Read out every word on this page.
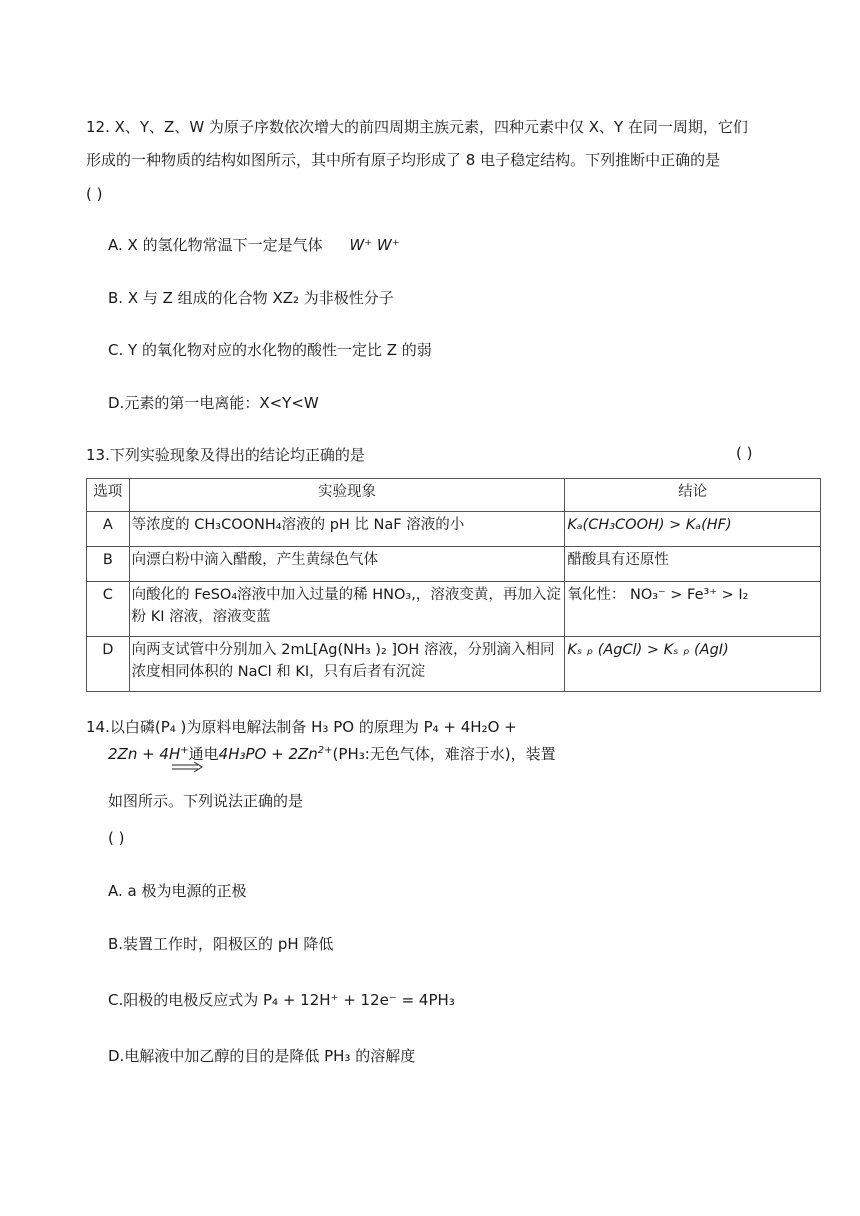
12. X、Y、Z、W 为原子序数依次增大的前四周期主族元素，四种元素中仅 X、Y 在同一周期，它们
形成的一种物质的结构如图所示，其中所有原子均形成了 8 电子稳定结构。下列推断中正确的是
( )
A. X 的氢化物常温下一定是气体 W⁺ W⁺
B. X 与 Z 组成的化合物 XZ₂ 为非极性分子
C. Y 的氧化物对应的水化物的酸性一定比 Z 的弱
D.元素的第一电离能：X<Y<W
13.下列实验现象及得出的结论均正确的是	( )
选项	实验现象	结论
A	等浓度的 CH₃COONH₄溶液的 pH 比 NaF 溶液的小	Kₐ(CH₃COOH) > Kₐ(HF)
B	向漂白粉中滴入醋酸，产生黄绿色气体	醋酸具有还原性
C	向酸化的 FeSO₄溶液中加入过量的稀 HNO₃,，溶液变黄，再加入淀粉 KI 溶液，溶液变蓝	氧化性： NO₃⁻ > Fe³⁺ > I₂
D	向两支试管中分别加入 2mL[Ag(NH₃ )₂ ]OH 溶液，分别滴入相同浓度相同体积的 NaCl 和 KI，只有后者有沉淀	Kₛ ₚ (AgCl) > Kₛ ₚ (AgI)
14.以白磷(P₄ )为原料电解法制备 H₃ PO 的原理为 P₄ + 4H₂O +
2Zn + 4H+通电$4H_3PO + 2Zn^{2+}(PH_3$:无色气体，难溶于水)，装置
如图所示。下列说法正确的是
( )
A. a 极为电源的正极
B.装置工作时，阳极区的 pH 降低
C.阳极的电极反应式为 P₄ + 12H⁺ + 12e⁻ = 4PH₃
D.电解液中加乙醇的目的是降低 PH₃ 的溶解度
